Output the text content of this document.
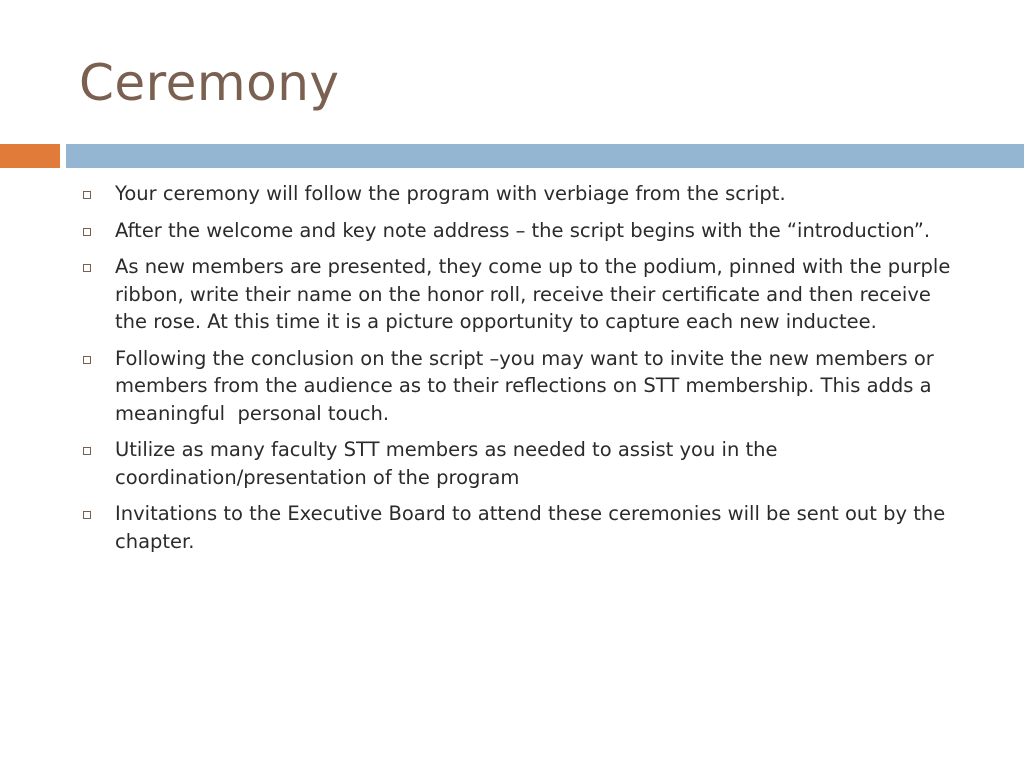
Ceremony
Your ceremony will follow the program with verbiage from the script.
After the welcome and key note address – the script begins with the “introduction”.
As new members are presented, they come up to the podium, pinned with the purple ribbon, write their name on the honor roll, receive their certificate and then receive the rose. At this time it is a picture opportunity to capture each new inductee.
Following the conclusion on the script –you may want to invite the new members or members from the audience as to their reflections on STT membership. This adds a meaningful  personal touch.
Utilize as many faculty STT members as needed to assist you in the coordination/presentation of the program
Invitations to the Executive Board to attend these ceremonies will be sent out by the chapter.
